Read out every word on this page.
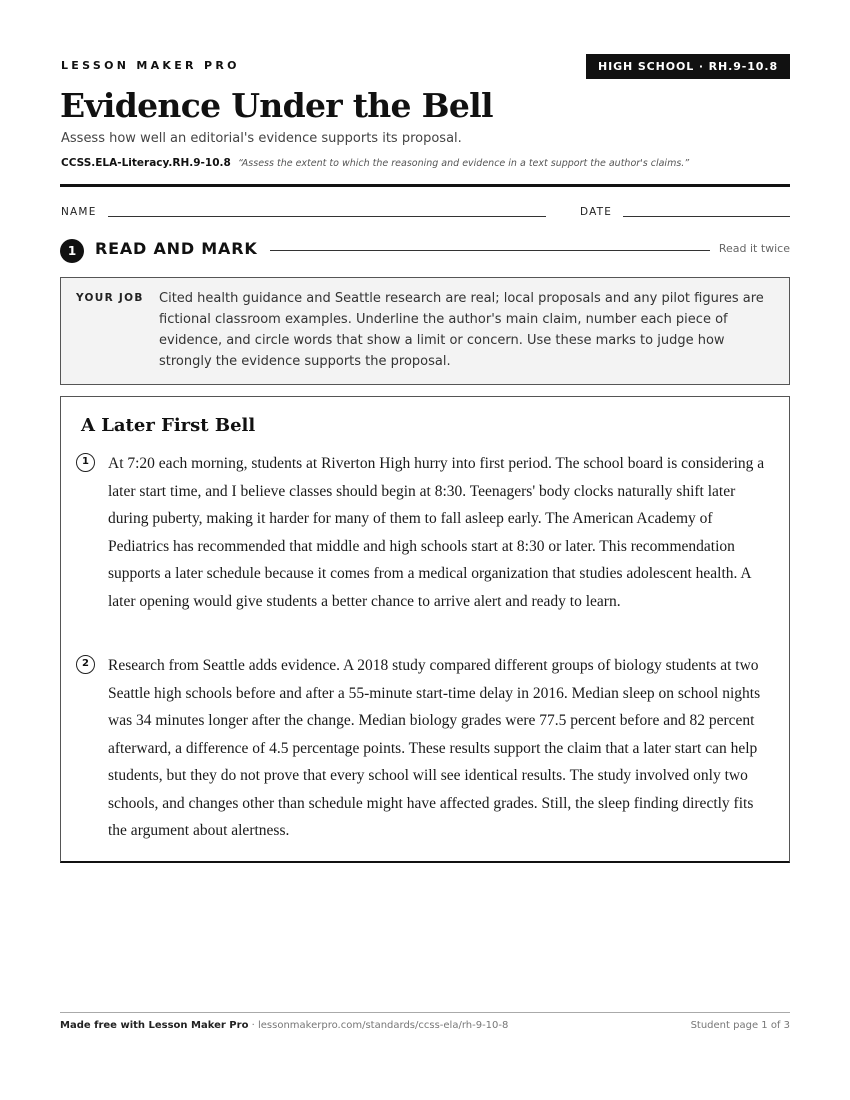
LESSON MAKER PRO	HIGH SCHOOL · RH.9-10.8
Evidence Under the Bell
Assess how well an editorial's evidence supports its proposal.
CCSS.ELA-Literacy.RH.9-10.8 “Assess the extent to which the reasoning and evidence in a text support the author's claims.”
NAME	DATE
1	READ AND MARK	Read it twice
YOUR JOB Cited health guidance and Seattle research are real; local proposals and any pilot figures are fictional classroom examples. Underline the author's main claim, number each piece of evidence, and circle words that show a limit or concern. Use these marks to judge how strongly the evidence supports the proposal.
A Later First Bell
1	At 7:20 each morning, students at Riverton High hurry into first period. The school board is considering a later start time, and I believe classes should begin at 8:30. Teenagers' body clocks naturally shift later during puberty, making it harder for many of them to fall asleep early. The American Academy of Pediatrics has recommended that middle and high schools start at 8:30 or later. This recommendation supports a later schedule because it comes from a medical organization that studies adolescent health. A later opening would give students a better chance to arrive alert and ready to learn.
2	Research from Seattle adds evidence. A 2018 study compared different groups of biology students at two Seattle high schools before and after a 55-minute start-time delay in 2016. Median sleep on school nights was 34 minutes longer after the change. Median biology grades were 77.5 percent before and 82 percent afterward, a difference of 4.5 percentage points. These results support the claim that a later start can help students, but they do not prove that every school will see identical results. The study involved only two schools, and changes other than schedule might have affected grades. Still, the sleep finding directly fits the argument about alertness.
Made free with Lesson Maker Pro · lessonmakerpro.com/standards/ccss-ela/rh-9-10-8	Student page 1 of 3
